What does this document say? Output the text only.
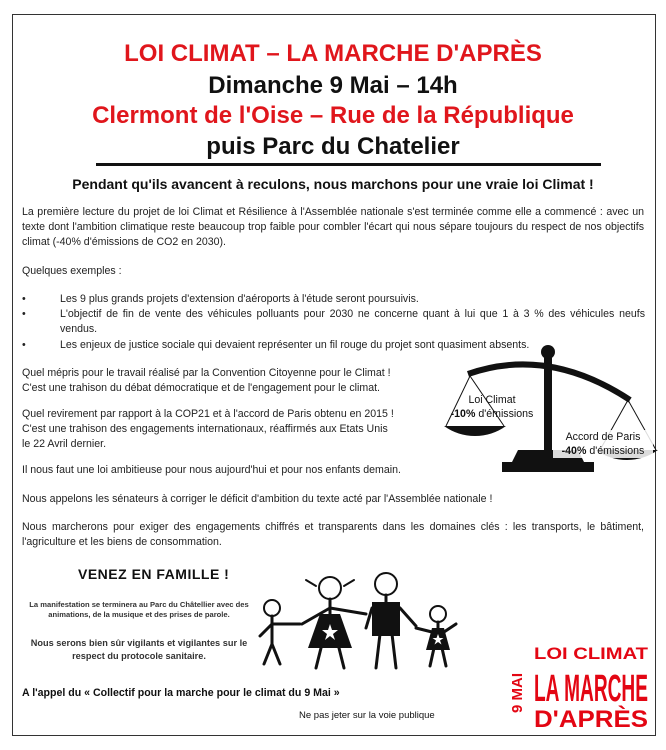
LOI CLIMAT – LA MARCHE D'APRÈS
Dimanche 9 Mai – 14h
Clermont de l'Oise – Rue de la République
puis Parc du Chatelier
Pendant qu'ils avancent à reculons, nous marchons pour une vraie loi Climat !
La première lecture du projet de loi Climat et Résilience à l'Assemblée nationale s'est terminée comme elle a commencé : avec un texte dont l'ambition climatique reste beaucoup trop faible pour combler l'écart qui nous sépare toujours du respect de nos objectifs climat (-40% d'émissions de CO2 en 2030).
Quelques exemples :
•	Les 9 plus grands projets d'extension d'aéroports à l'étude seront poursuivis.
•	L'objectif de fin de vente des véhicules polluants pour 2030 ne concerne quant à lui que 1 à 3 % des véhicules neufs vendus.
•	Les enjeux de justice sociale qui devaient représenter un fil rouge du projet sont quasiment absents.
Quel mépris pour le travail réalisé par la Convention Citoyenne pour le Climat !
C'est une trahison du débat démocratique et de l'engagement pour le climat.
Quel revirement par rapport à la COP21 et à l'accord de Paris obtenu en 2015 !
C'est une trahison des engagements internationaux, réaffirmés aux Etats Unis
le 22 Avril dernier.
Il nous faut une loi ambitieuse pour nous aujourd'hui et pour nos enfants demain.
Nous appelons les sénateurs à corriger le déficit d'ambition du texte acté par l'Assemblée nationale !
Nous marcherons pour exiger des engagements chiffrés et transparents dans les domaines clés : les transports, le bâtiment, l'agriculture et les biens de consommation.
Loi Climat
-10% d'émissions
Accord de Paris
-40% d'émissions
VENEZ EN FAMILLE !
La manifestation se terminera au Parc du Châtellier avec des animations, de la musique et des prises de parole.
Nous serons bien sûr vigilants et vigilantes sur le respect du protocole sanitaire.
A l'appel du « Collectif pour la marche pour le climat du 9 Mai »
Ne pas jeter sur la voie publique
9 MAI
LOI CLIMAT
LA MARCHE
D'APRÈS
